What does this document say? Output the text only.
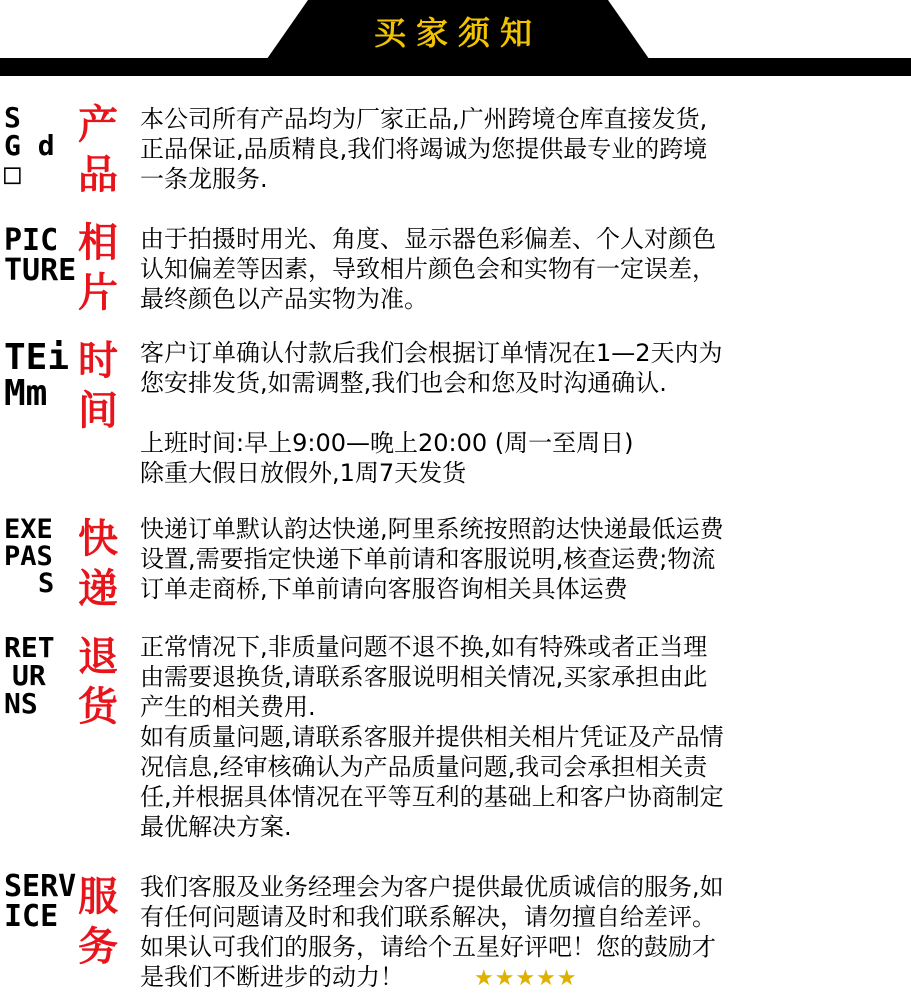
买家须知
S
G d
□
产
品

本公司所有产品均为厂家正品,广州跨境仓库直接发货,

正品保证,品质精良,我们将竭诚为您提供最专业的跨境

一条龙服务.

PIC
TURE
相
片

由于拍摄时用光、角度、显示器色彩偏差、个人对颜色

认知偏差等因素，导致相片颜色会和实物有一定误差，

最终颜色以产品实物为准。

TEi
Mm
时
间

客户订单确认付款后我们会根据订单情况在1—2天内为

您安排发货,如需调整,我们也会和您及时沟通确认.

上班时间:早上9:00—晚上20:00 (周一至周日)

除重大假日放假外,1周7天发货

EXE
PAS
S
快
递

快递订单默认韵达快递,阿里系统按照韵达快递最低运费

设置,需要指定快递下单前请和客服说明,核查运费;物流

订单走商桥,下单前请向客服咨询相关具体运费

RET
UR
NS
退
货

正常情况下,非质量问题不退不换,如有特殊或者正当理

由需要退换货,请联系客服说明相关情况,买家承担由此

产生的相关费用.

如有质量问题,请联系客服并提供相关相片凭证及产品情

况信息,经审核确认为产品质量问题,我司会承担相关责

任,并根据具体情况在平等互利的基础上和客户协商制定

最优解决方案.

SERV
ICE 服
务

我们客服及业务经理会为客户提供最优质诚信的服务,如

有任何问题请及时和我们联系解决，请勿擅自给差评。

如果认可我们的服务，请给个五星好评吧！您的鼓励才

是我们不断进步的动力！	★★★★★
